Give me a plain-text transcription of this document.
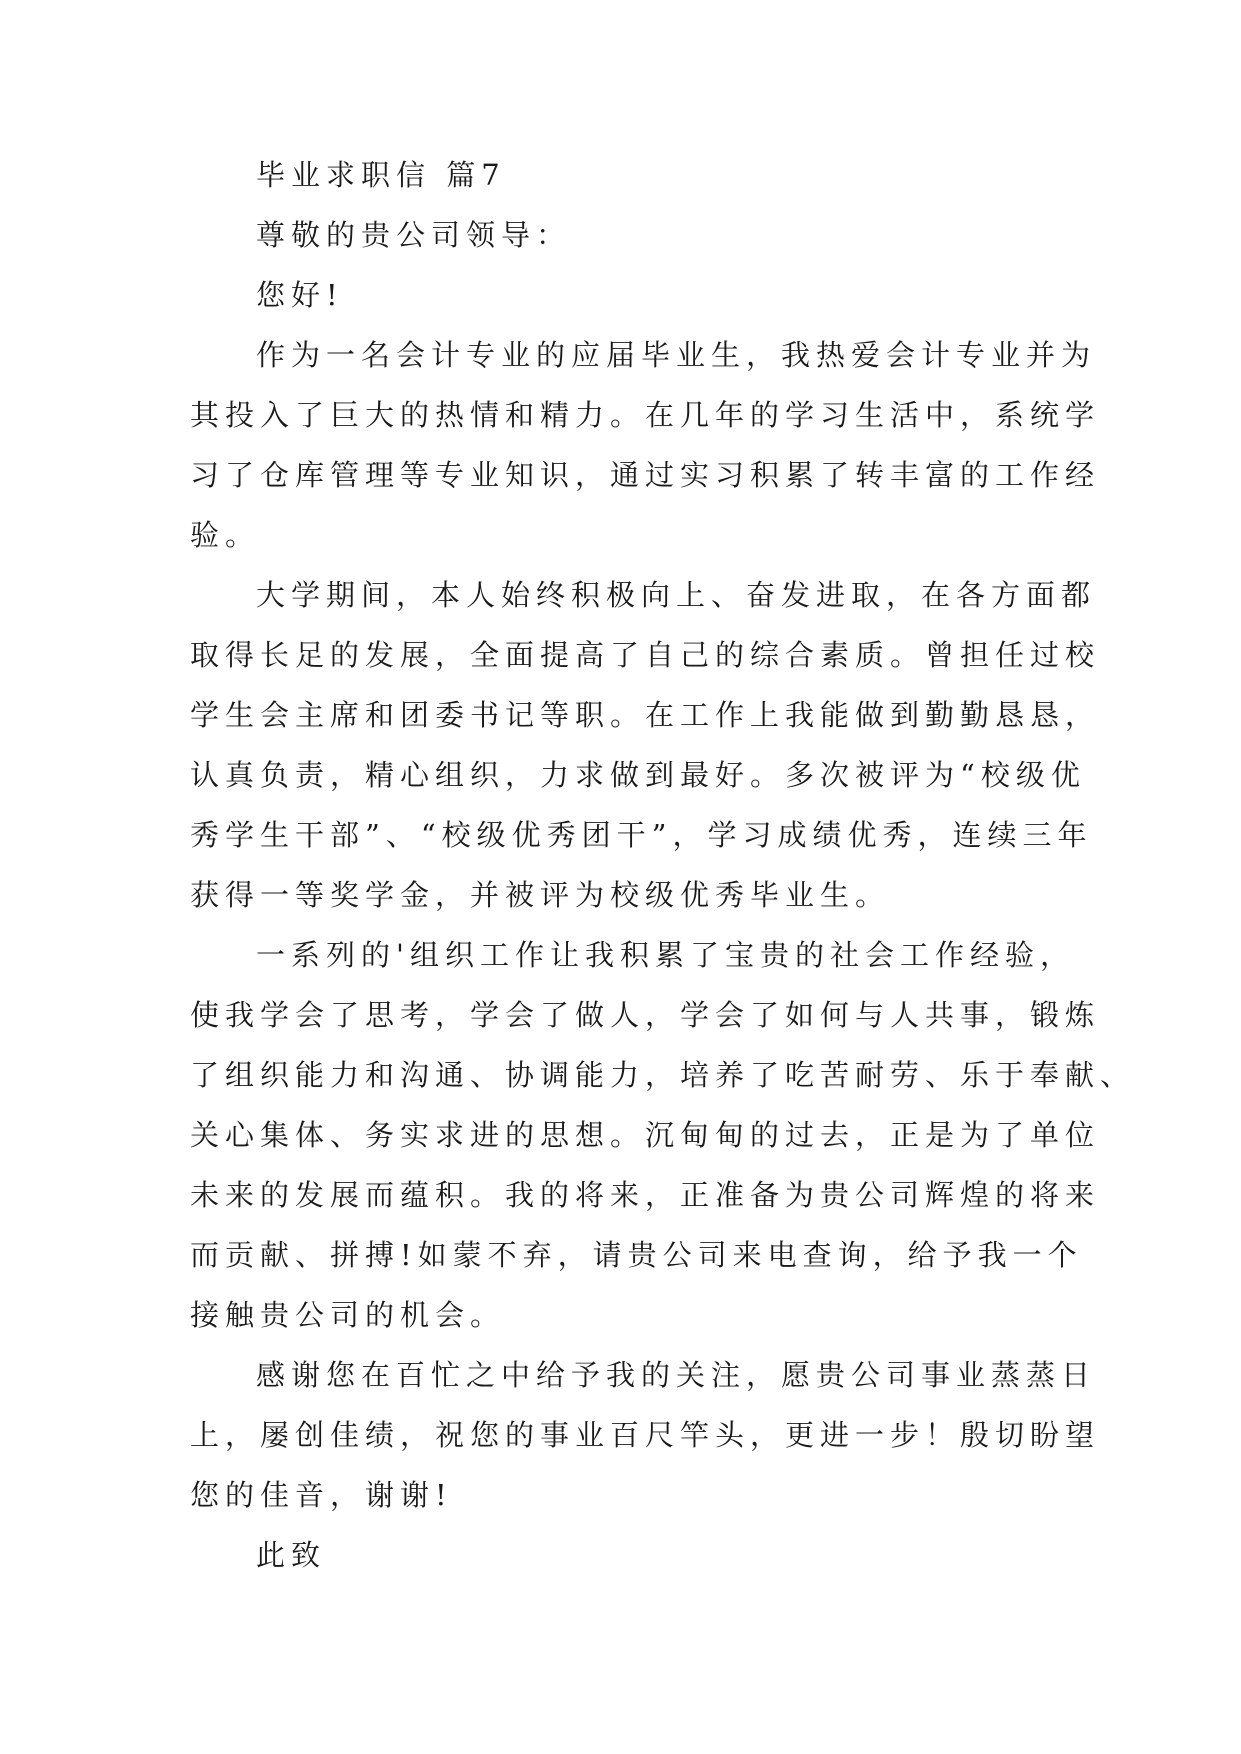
毕业求职信 篇7
尊敬的贵公司领导：
您好!
作为一名会计专业的应届毕业生，我热爱会计专业并为
其投入了巨大的热情和精力。在几年的学习生活中，系统学
习了仓库管理等专业知识，通过实习积累了转丰富的工作经
验。
大学期间，本人始终积极向上、奋发进取，在各方面都
取得长足的发展，全面提高了自己的综合素质。曾担任过校
学生会主席和团委书记等职。在工作上我能做到勤勤恳恳，
认真负责，精心组织，力求做到最好。多次被评为“校级优
秀学生干部”、“校级优秀团干”，学习成绩优秀，连续三年
获得一等奖学金，并被评为校级优秀毕业生。
一系列的'组织工作让我积累了宝贵的社会工作经验，
使我学会了思考，学会了做人，学会了如何与人共事，锻炼
了组织能力和沟通、协调能力，培养了吃苦耐劳、乐于奉献、
关心集体、务实求进的思想。沉甸甸的过去，正是为了单位
未来的发展而蕴积。我的将来，正准备为贵公司辉煌的将来
而贡献、拼搏!如蒙不弃，请贵公司来电查询，给予我一个
接触贵公司的机会。
感谢您在百忙之中给予我的关注，愿贵公司事业蒸蒸日
上，屡创佳绩，祝您的事业百尺竿头，更进一步！殷切盼望
您的佳音，谢谢!
此致
